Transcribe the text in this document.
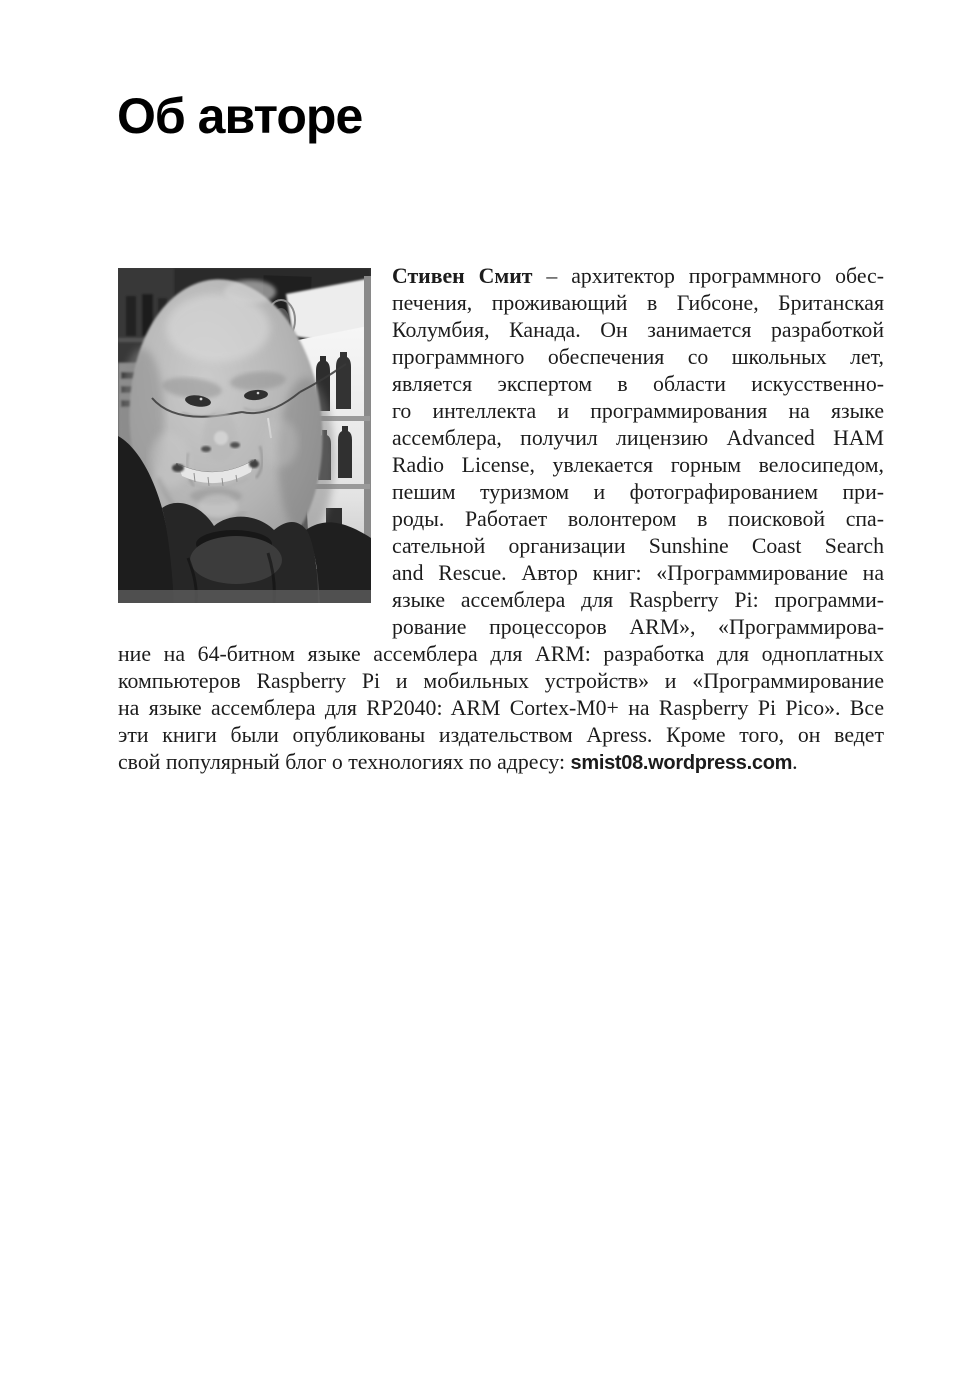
Об авторе
Стивен Смит – архитектор программного обес-
печения, проживающий в Гибсоне, Британская
Колумбия, Канада. Он занимается разработкой
программного обеспечения со школьных лет,
является экспертом в области искусственно-
го интеллекта и программирования на языке
ассемблера, получил лицензию Advanced HAM
Radio License, увлекается горным велосипедом,
пешим туризмом и фотографированием при-
роды. Работает волонтером в поисковой спа-
сательной организации Sunshine Coast Search
and Rescue. Автор книг: «Программирование на
языке ассемблера для Raspberry Pi: программи-
рование процессоров ARM», «Программирова-
ние на 64-битном языке ассемблера для ARM: разработка для одноплатных
компьютеров Raspberry Pi и мобильных устройств» и «Программирование
на языке ассемблера для RP2040: ARM Cortex-M0+ на Raspberry Pi Pico». Все
эти книги были опубликованы издательством Apress. Кроме того, он ведет
свой популярный блог о технологиях по адресу: smist08.wordpress.com.
